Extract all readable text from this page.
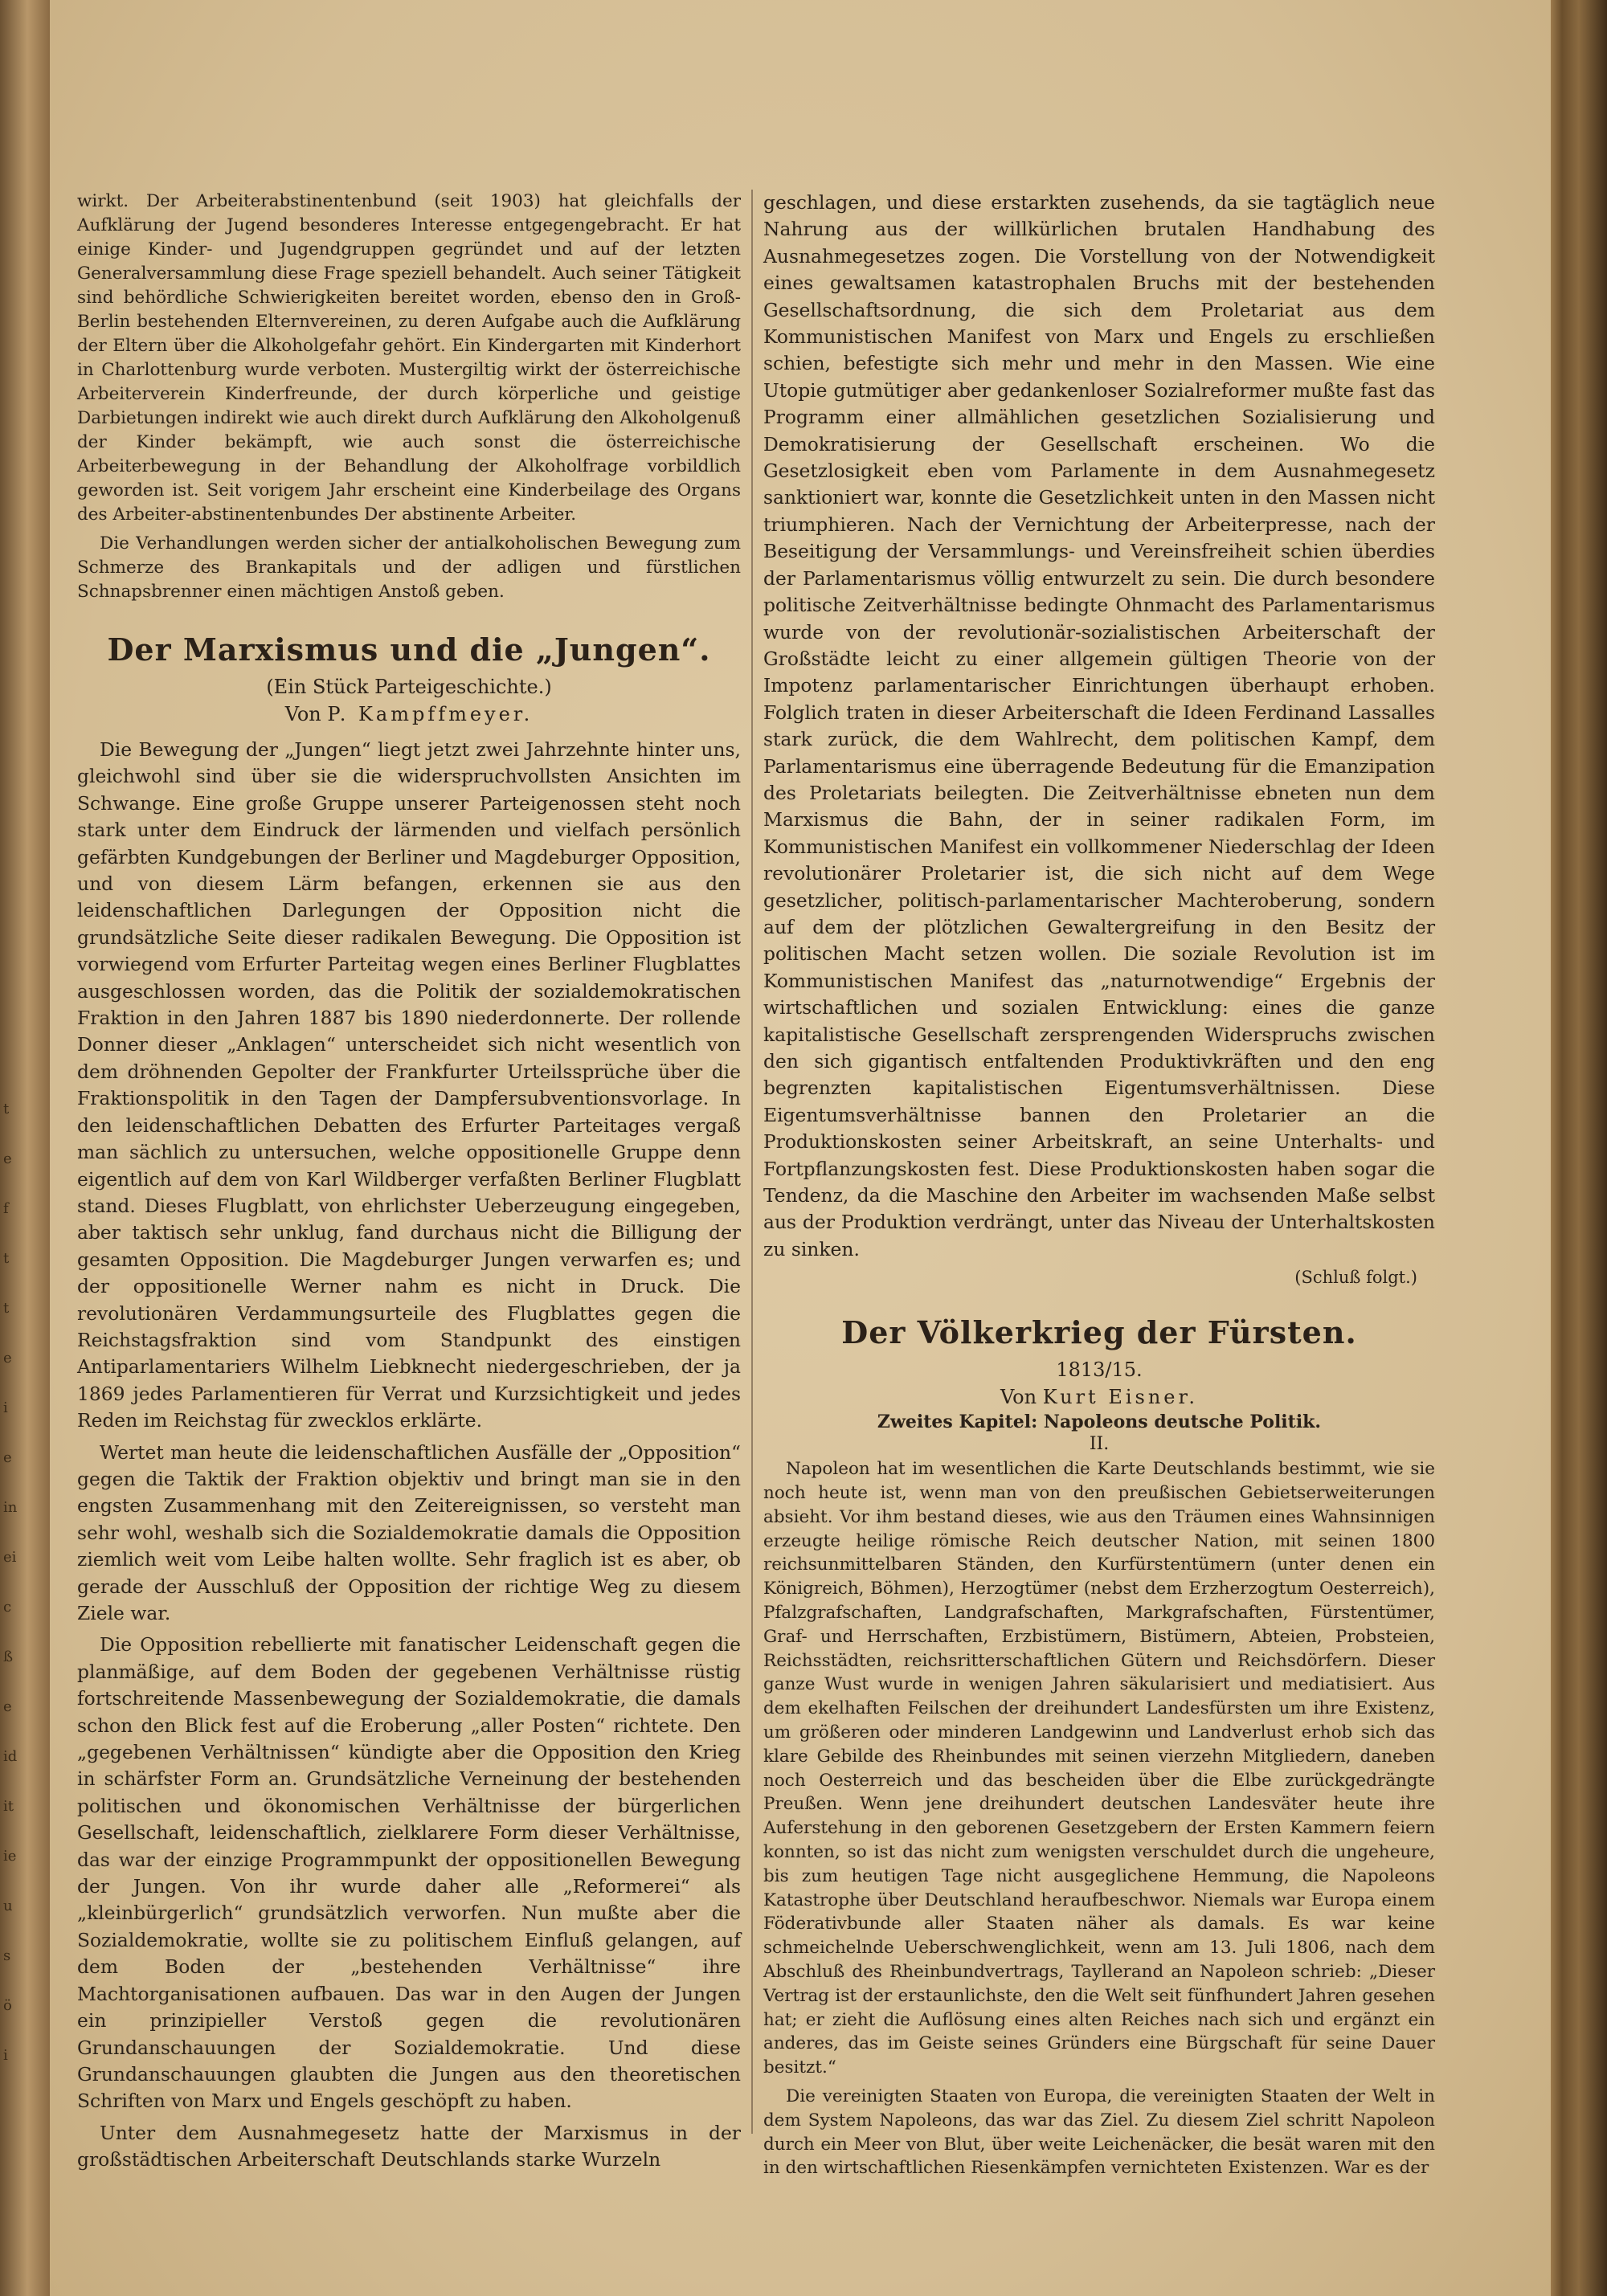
t
e
f
t
t
e
i
e
in
ei
c
ß
e
id
it
ie
u
s
ö
i

wirkt. Der Arbeiterabstinentenbund (seit 1903) hat gleichfalls der Aufklärung der Jugend besonderes Interesse entgegengebracht. Er hat einige Kinder- und Jugendgruppen gegründet und auf der letzten Generalversammlung diese Frage speziell behandelt. Auch seiner Tätigkeit sind behördliche Schwierigkeiten bereitet worden, ebenso den in Groß-Berlin bestehenden Elternvereinen, zu deren Aufgabe auch die Aufklärung der Eltern über die Alkoholgefahr gehört. Ein Kindergarten mit Kinderhort in Charlottenburg wurde verboten. Mustergiltig wirkt der österreichische Arbeiterverein Kinderfreunde, der durch körperliche und geistige Darbietungen indirekt wie auch direkt durch Aufklärung den Alkoholgenuß der Kinder bekämpft, wie auch sonst die österreichische Arbeiterbewegung in der Behandlung der Alkoholfrage vorbildlich geworden ist. Seit vorigem Jahr erscheint eine Kinderbeilage des Organs des Arbeiter-abstinentenbundes Der abstinente Arbeiter.

Die Verhandlungen werden sicher der antialkoholischen Bewegung zum Schmerze des Brankapitals und der adligen und fürstlichen Schnapsbrenner einen mächtigen Anstoß geben.

Der Marxismus und die „Jungen“.
(Ein Stück Parteigeschichte.)
Von P. Kampffmeyer.

Die Bewegung der „Jungen“ liegt jetzt zwei Jahrzehnte hinter uns, gleichwohl sind über sie die widerspruchvollsten Ansichten im Schwange. Eine große Gruppe unserer Parteigenossen steht noch stark unter dem Eindruck der lärmenden und vielfach persönlich gefärbten Kundgebungen der Berliner und Magdeburger Opposition, und von diesem Lärm befangen, erkennen sie aus den leidenschaftlichen Darlegungen der Opposition nicht die grundsätzliche Seite dieser radikalen Bewegung. Die Opposition ist vorwiegend vom Erfurter Parteitag wegen eines Berliner Flugblattes ausgeschlossen worden, das die Politik der sozialdemokratischen Fraktion in den Jahren 1887 bis 1890 niederdonnerte. Der rollende Donner dieser „Anklagen“ unterscheidet sich nicht wesentlich von dem dröhnenden Gepolter der Frankfurter Urteilssprüche über die Fraktionspolitik in den Tagen der Dampfersubventionsvorlage. In den leidenschaftlichen Debatten des Erfurter Parteitages vergaß man sächlich zu untersuchen, welche oppositionelle Gruppe denn eigentlich auf dem von Karl Wildberger verfaßten Berliner Flugblatt stand. Dieses Flugblatt, von ehrlichster Ueberzeugung eingegeben, aber taktisch sehr unklug, fand durchaus nicht die Billigung der gesamten Opposition. Die Magdeburger Jungen verwarfen es; und der oppositionelle Werner nahm es nicht in Druck. Die revolutionären Verdammungsurteile des Flugblattes gegen die Reichstagsfraktion sind vom Standpunkt des einstigen Antiparlamentariers Wilhelm Liebknecht niedergeschrieben, der ja 1869 jedes Parlamentieren für Verrat und Kurzsichtigkeit und jedes Reden im Reichstag für zwecklos erklärte.

Wertet man heute die leidenschaftlichen Ausfälle der „Opposition“ gegen die Taktik der Fraktion objektiv und bringt man sie in den engsten Zusammenhang mit den Zeitereignissen, so versteht man sehr wohl, weshalb sich die Sozialdemokratie damals die Opposition ziemlich weit vom Leibe halten wollte. Sehr fraglich ist es aber, ob gerade der Ausschluß der Opposition der richtige Weg zu diesem Ziele war.

Die Opposition rebellierte mit fanatischer Leidenschaft gegen die planmäßige, auf dem Boden der gegebenen Verhältnisse rüstig fortschreitende Massenbewegung der Sozialdemokratie, die damals schon den Blick fest auf die Eroberung „aller Posten“ richtete. Den „gegebenen Verhältnissen“ kündigte aber die Opposition den Krieg in schärfster Form an. Grundsätzliche Verneinung der bestehenden politischen und ökonomischen Verhältnisse der bürgerlichen Gesellschaft, leidenschaftlich, zielklarere Form dieser Verhältnisse, das war der einzige Programmpunkt der oppositionellen Bewegung der Jungen. Von ihr wurde daher alle „Reformerei“ als „kleinbürgerlich“ grundsätzlich verworfen. Nun mußte aber die Sozialdemokratie, wollte sie zu politischem Einfluß gelangen, auf dem Boden der „bestehenden Verhältnisse“ ihre Machtorganisationen aufbauen. Das war in den Augen der Jungen ein prinzipieller Verstoß gegen die revolutionären Grundanschauungen der Sozialdemokratie. Und diese Grundanschauungen glaubten die Jungen aus den theoretischen Schriften von Marx und Engels geschöpft zu haben.

Unter dem Ausnahmegesetz hatte der Marxismus in der großstädtischen Arbeiterschaft Deutschlands starke Wurzeln

geschlagen, und diese erstarkten zusehends, da sie tagtäglich neue Nahrung aus der willkürlichen brutalen Handhabung des Ausnahmegesetzes zogen. Die Vorstellung von der Notwendigkeit eines gewaltsamen katastrophalen Bruchs mit der bestehenden Gesellschaftsordnung, die sich dem Proletariat aus dem Kommunistischen Manifest von Marx und Engels zu erschließen schien, befestigte sich mehr und mehr in den Massen. Wie eine Utopie gutmütiger aber gedankenloser Sozialreformer mußte fast das Programm einer allmählichen gesetzlichen Sozialisierung und Demokratisierung der Gesellschaft erscheinen. Wo die Gesetzlosigkeit eben vom Parlamente in dem Ausnahmegesetz sanktioniert war, konnte die Gesetzlichkeit unten in den Massen nicht triumphieren. Nach der Vernichtung der Arbeiterpresse, nach der Beseitigung der Versammlungs- und Vereinsfreiheit schien überdies der Parlamentarismus völlig entwurzelt zu sein. Die durch besondere politische Zeitverhältnisse bedingte Ohnmacht des Parlamentarismus wurde von der revolutionär-sozialistischen Arbeiterschaft der Großstädte leicht zu einer allgemein gültigen Theorie von der Impotenz parlamentarischer Einrichtungen überhaupt erhoben. Folglich traten in dieser Arbeiterschaft die Ideen Ferdinand Lassalles stark zurück, die dem Wahlrecht, dem politischen Kampf, dem Parlamentarismus eine überragende Bedeutung für die Emanzipation des Proletariats beilegten. Die Zeitverhältnisse ebneten nun dem Marxismus die Bahn, der in seiner radikalen Form, im Kommunistischen Manifest ein vollkommener Niederschlag der Ideen revolutionärer Proletarier ist, die sich nicht auf dem Wege gesetzlicher, politisch-parlamentarischer Machteroberung, sondern auf dem der plötzlichen Gewaltergreifung in den Besitz der politischen Macht setzen wollen. Die soziale Revolution ist im Kommunistischen Manifest das „naturnotwendige“ Ergebnis der wirtschaftlichen und sozialen Entwicklung: eines die ganze kapitalistische Gesellschaft zersprengenden Widerspruchs zwischen den sich gigantisch entfaltenden Produktivkräften und den eng begrenzten kapitalistischen Eigentumsverhältnissen. Diese Eigentumsverhältnisse bannen den Proletarier an die Produktionskosten seiner Arbeitskraft, an seine Unterhalts- und Fortpflanzungskosten fest. Diese Produktionskosten haben sogar die Tendenz, da die Maschine den Arbeiter im wachsenden Maße selbst aus der Produktion verdrängt, unter das Niveau der Unterhaltskosten zu sinken.

(Schluß folgt.)
Der Völkerkrieg der Fürsten.
1813/15.
Von Kurt Eisner.
Zweites Kapitel: Napoleons deutsche Politik.
II.

Napoleon hat im wesentlichen die Karte Deutschlands bestimmt, wie sie noch heute ist, wenn man von den preußischen Gebietserweiterungen absieht. Vor ihm bestand dieses, wie aus den Träumen eines Wahnsinnigen erzeugte heilige römische Reich deutscher Nation, mit seinen 1800 reichsunmittelbaren Ständen, den Kurfürstentümern (unter denen ein Königreich, Böhmen), Herzogtümer (nebst dem Erzherzogtum Oesterreich), Pfalzgrafschaften, Landgrafschaften, Markgrafschaften, Fürstentümer, Graf- und Herrschaften, Erzbistümern, Bistümern, Abteien, Probsteien, Reichsstädten, reichsritterschaftlichen Gütern und Reichsdörfern. Dieser ganze Wust wurde in wenigen Jahren säkularisiert und mediatisiert. Aus dem ekelhaften Feilschen der dreihundert Landesfürsten um ihre Existenz, um größeren oder minderen Landgewinn und Landverlust erhob sich das klare Gebilde des Rheinbundes mit seinen vierzehn Mitgliedern, daneben noch Oesterreich und das bescheiden über die Elbe zurückgedrängte Preußen. Wenn jene dreihundert deutschen Landesväter heute ihre Auferstehung in den geborenen Gesetzgebern der Ersten Kammern feiern konnten, so ist das nicht zum wenigsten verschuldet durch die ungeheure, bis zum heutigen Tage nicht ausgeglichene Hemmung, die Napoleons Katastrophe über Deutschland heraufbeschwor. Niemals war Europa einem Föderativbunde aller Staaten näher als damals. Es war keine schmeichelnde Ueberschwenglichkeit, wenn am 13. Juli 1806, nach dem Abschluß des Rheinbundvertrags, Tayllerand an Napoleon schrieb: „Dieser Vertrag ist der erstaunlichste, den die Welt seit fünfhundert Jahren gesehen hat; er zieht die Auflösung eines alten Reiches nach sich und ergänzt ein anderes, das im Geiste seines Gründers eine Bürgschaft für seine Dauer besitzt.“

Die vereinigten Staaten von Europa, die vereinigten Staaten der Welt in dem System Napoleons, das war das Ziel. Zu diesem Ziel schritt Napoleon durch ein Meer von Blut, über weite Leichenäcker, die besät waren mit den in den wirtschaftlichen Riesenkämpfen vernichteten Existenzen. War es der
